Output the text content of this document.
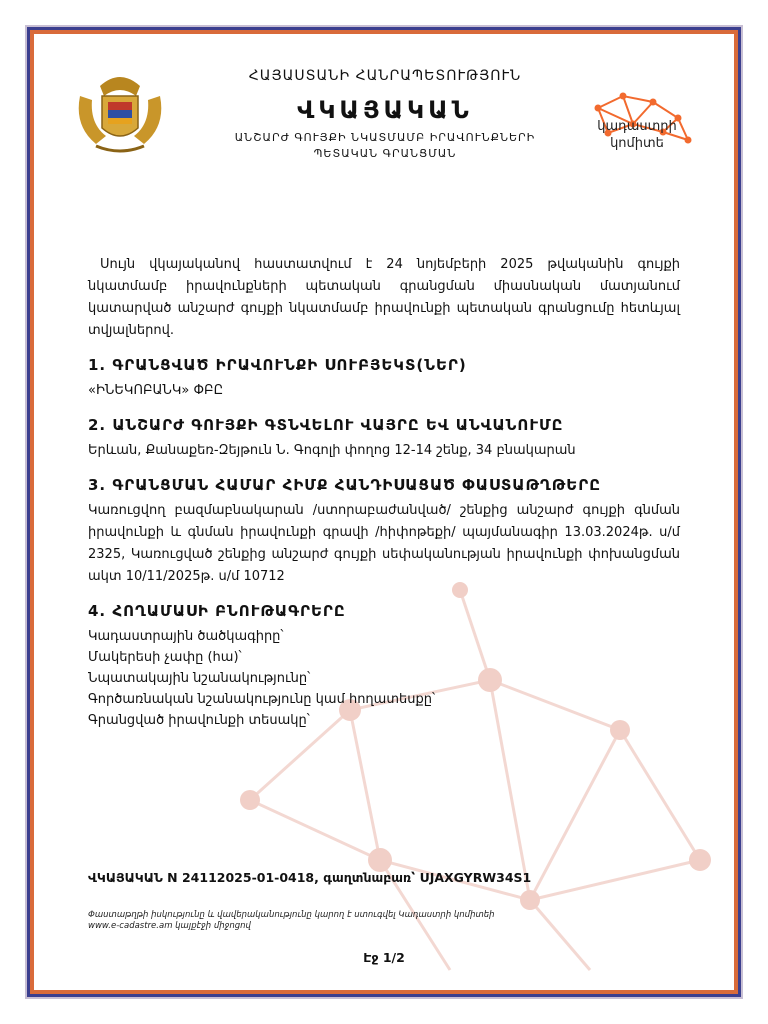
ՀԱՅԱՍՏԱՆԻ ՀԱՆՐԱՊԵՏՈՒԹՅՈՒՆ
ՎԿԱՅԱԿԱՆ
ԱՆՇԱՐԺ ԳՈՒՅՔԻ ՆԿԱՏՄԱՄԲ ԻՐԱՎՈՒՆՔՆԵՐԻ
ՊԵՏԱԿԱՆ ԳՐԱՆՑՄԱՆ
կադաստրի
կոմիտե

Սույն վկայականով հաստատվում է 24 նոյեմբերի 2025 թվականին գույքի նկատմամբ իրավունքների պետական գրանցման միասնական մատյանում կատարված անշարժ գույքի նկատմամբ իրավունքի պետական գրանցումը հետևյալ տվյալներով.

1. ԳՐԱՆՑՎԱԾ ԻՐԱՎՈՒՆՔԻ ՍՈՒԲՅԵԿՏ(ՆԵՐ)

«ԻՆԵԿՈԲԱՆԿ» ՓԲԸ

2. ԱՆՇԱՐԺ ԳՈՒՅՔԻ ԳՏՆՎԵԼՈՒ ՎԱՅՐԸ ԵՎ ԱՆՎԱՆՈՒՄԸ

Երևան, Քանաքեռ-Զեյթուն Ն. Գոգոլի փողոց 12-14 շենք, 34 բնակարան

3. ԳՐԱՆՑՄԱՆ ՀԱՄԱՐ ՀԻՄՔ ՀԱՆԴԻՍԱՑԱԾ ՓԱՍՏԱԹՂԹԵՐԸ

Կառուցվող բազմաբնակարան /ստորաբաժանված/ շենքից անշարժ գույքի գնման իրավունքի և գնման իրավունքի գրավի /հիփոթեքի/ պայմանագիր 13.03.2024թ. ս/մ 2325, Կառուցված շենքից անշարժ գույքի սեփականության իրավունքի փոխանցման ակտ 10/11/2025թ. ս/մ 10712

4. ՀՈՂԱՄԱՍԻ ԲՆՈՒԹԱԳՐԵՐԸ
Կադաստրային ծածկագիրը՝
Մակերեսի չափը (հա)՝
Նպատակային նշանակությունը՝
Գործառնական նշանակությունը կամ հողատեսքը՝
Գրանցված իրավունքի տեսակը՝
ՎԿԱՅԱԿԱՆ N 24112025-01-0418, գաղտնաբառ՝ UJAXGYRW34S1
Փաստաթղթի իսկությունը և վավերականությունը կարող է ստուգվել Կադաստրի կոմիտեի
www.e-cadastre.am կայքէջի միջոցով
Էջ 1/2
